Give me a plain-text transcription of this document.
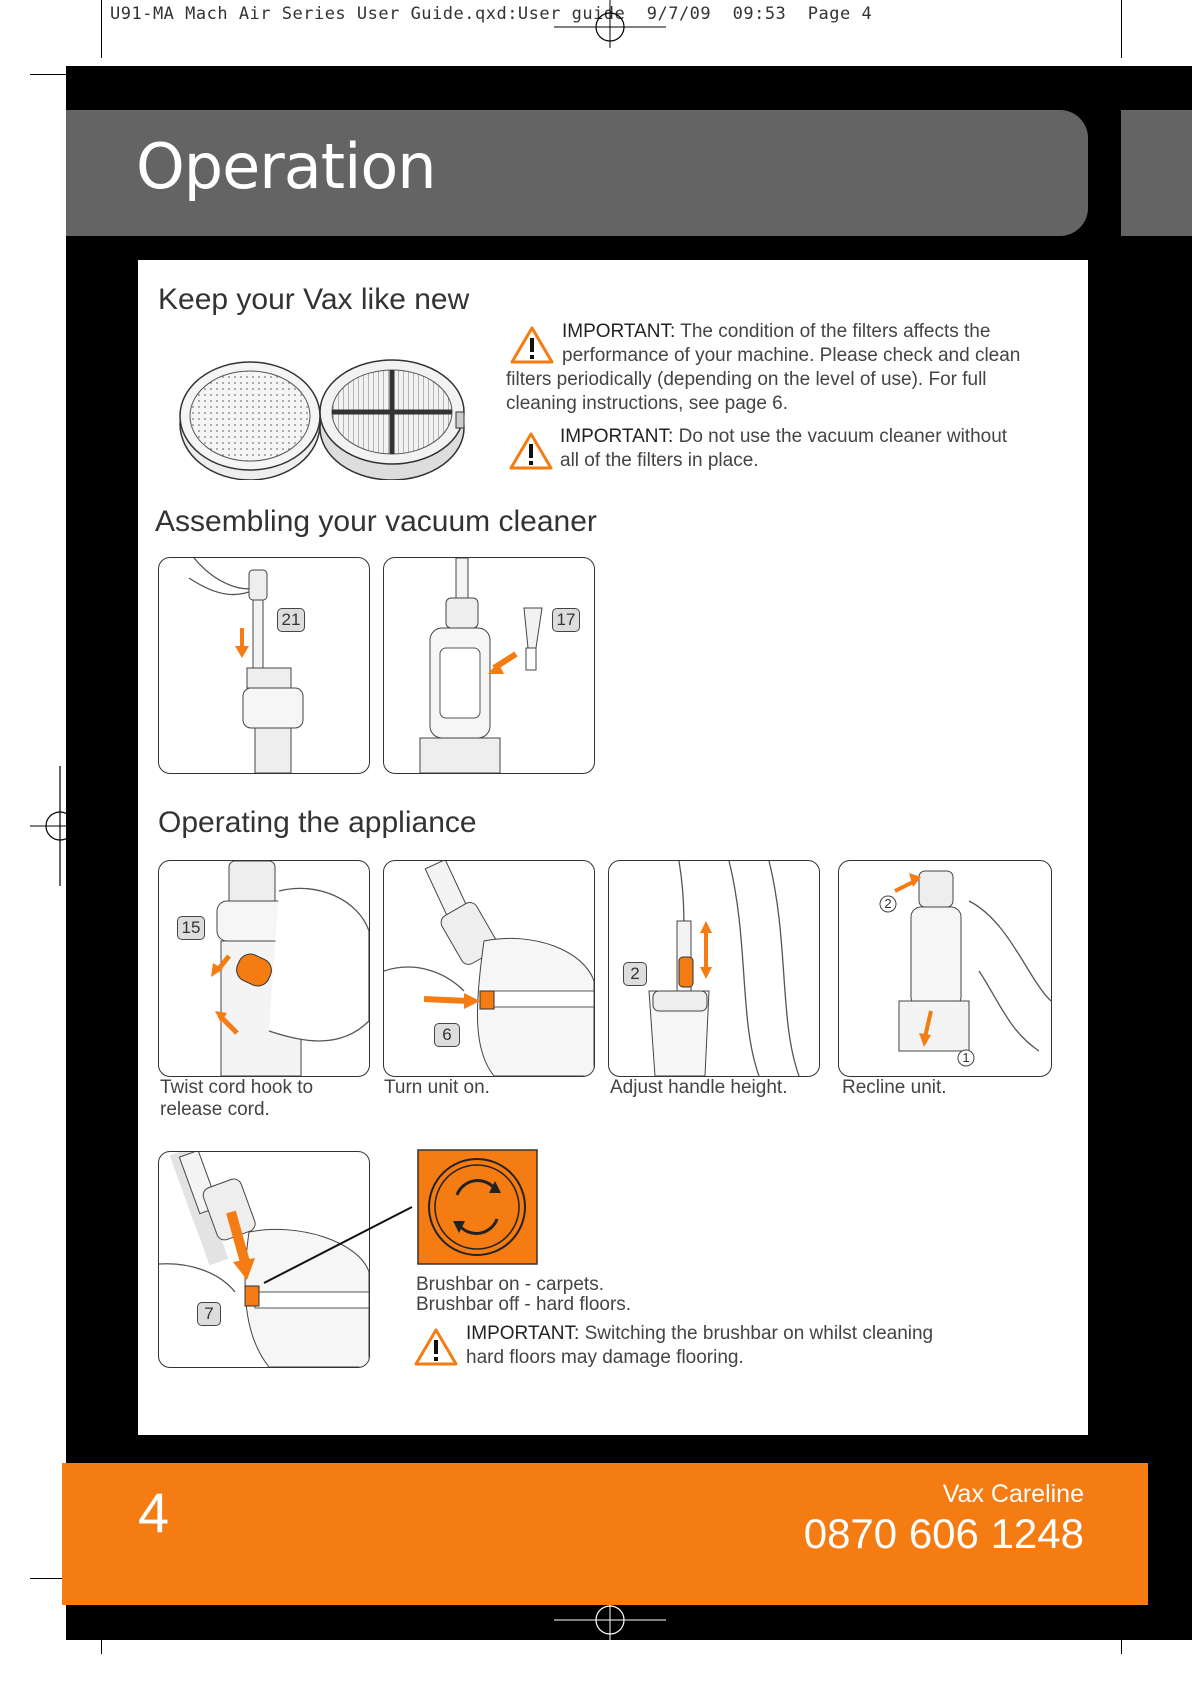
U91-MA Mach Air Series User Guide.qxd:User guide  9/7/09  09:53  Page 4
Operation
Keep your Vax like new
IMPORTANT: The condition of the filters affects the
performance of your machine. Please check and clean
filters periodically (depending on the level of use). For full
cleaning instructions, see page 6.
IMPORTANT: Do not use the vacuum cleaner without
all of the filters in place.
Assembling your vacuum cleaner
21	17
Operating the appliance
15
Twist cord hook to
release cord.
6
Turn unit on.
2
Adjust handle height.
2
1
Recline unit.
7
Brushbar on - carpets.
Brushbar off - hard floors.
IMPORTANT: Switching the brushbar on whilst cleaning
hard floors may damage flooring.
4	Vax Careline
0870 606 1248
